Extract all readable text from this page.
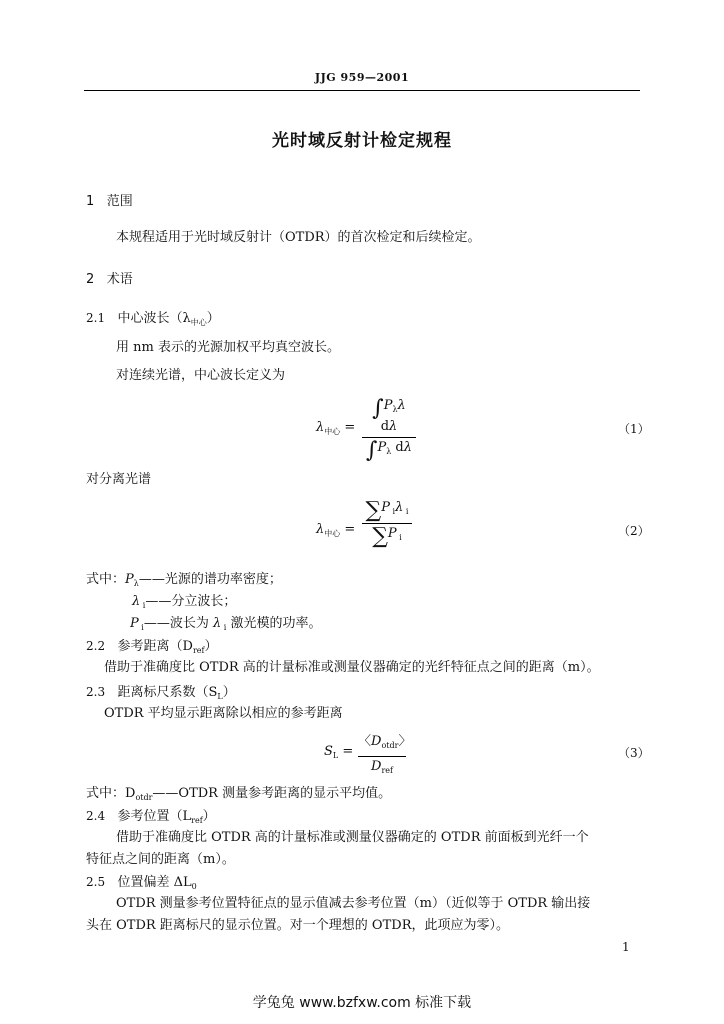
JJG 959—2001
光时域反射计检定规程
1 范围
本规程适用于光时域反射计（OTDR）的首次检定和后续检定。
2 术语
2.1 中心波长$(\lambda_{中心})$
用 nm 表示的光源加权平均真空波长。
对连续光谱，中心波长定义为
$\lambda_{中心}$ =
$\int P_\lambda\lambda$ dλ
$\int P_\lambda$ dλ
（1）
对分离光谱
$\lambda_{中心}$ =
∑P $_i$λ $_i$
∑P $_i$	（2）
式中：$P_\lambda——$光源的谱功率密度；
λ $_i$——分立波长；
P $_i$——波长为 λ $_i$ 激光模的功率。
2.2 参考距离$(D_{ref})$
借助于准确度比 OTDR 高的计量标准或测量仪器确定的光纤特征点之间的距离（m）。
2.3 距离标尺系数$(S_L)$
OTDR 平均显示距离除以相应的参考距离
$S_L$ =
〈$D_{otdr}$〉
$D_{ref}$
（3）
式中：$D_{otdr}——OTDR$ 测量参考距离的显示平均值。
2.4 参考位置$(L_{ref})$
借助于准确度比 OTDR 高的计量标准或测量仪器确定的 OTDR 前面板到光纤一个
特征点之间的距离（m）。
2.5 位置偏差 $\Delta L_0$
OTDR 测量参考位置特征点的显示值减去参考位置（m）（近似等于 OTDR 输出接
头在 OTDR 距离标尺的显示位置。对一个理想的 OTDR，此项应为零）。
1
学兔兔 www.bzfxw.com 标准下载
